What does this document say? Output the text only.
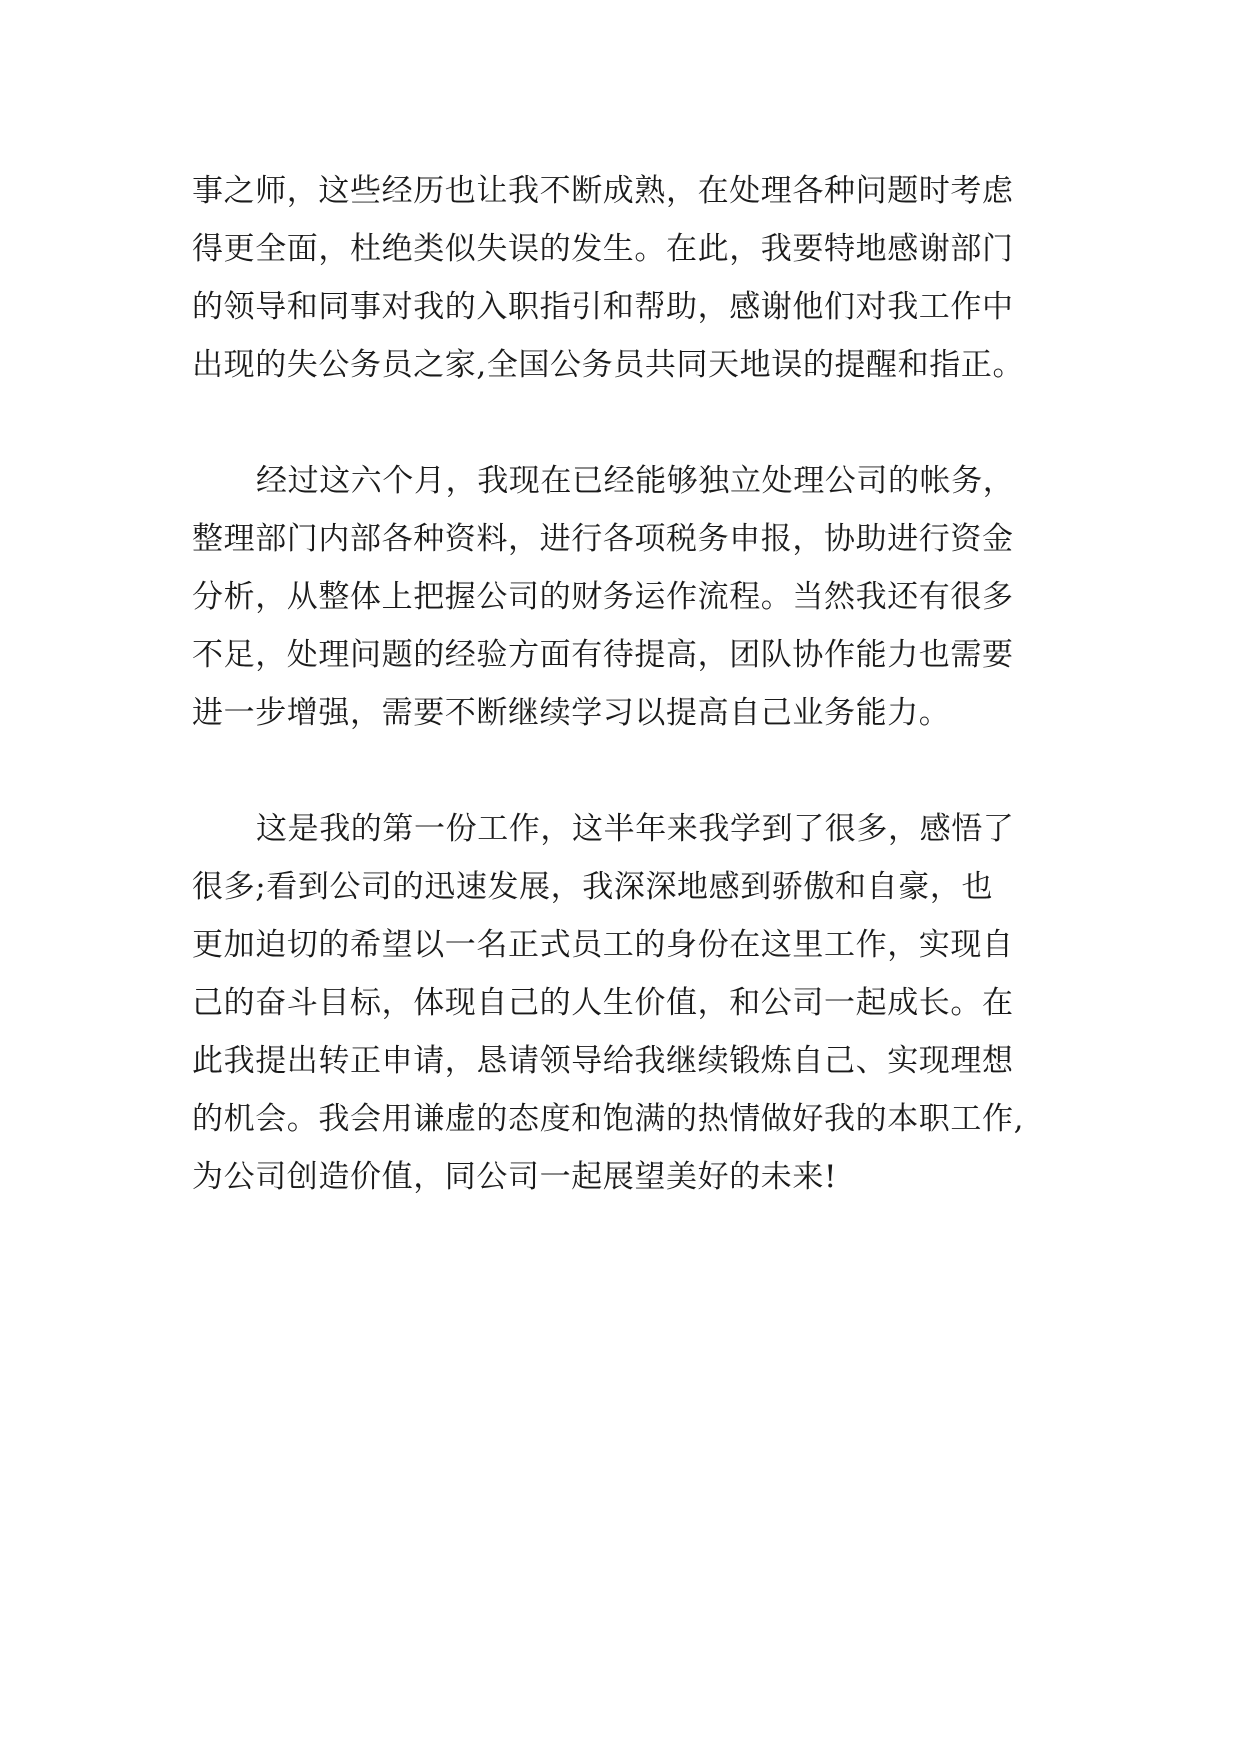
事之师，这些经历也让我不断成熟，在处理各种问题时考虑
得更全面，杜绝类似失误的发生。在此，我要特地感谢部门
的领导和同事对我的入职指引和帮助，感谢他们对我工作中
出现的失公务员之家,全国公务员共同天地误的提醒和指正。
经过这六个月，我现在已经能够独立处理公司的帐务，
整理部门内部各种资料，进行各项税务申报，协助进行资金
分析，从整体上把握公司的财务运作流程。当然我还有很多
不足，处理问题的经验方面有待提高，团队协作能力也需要
进一步增强，需要不断继续学习以提高自己业务能力。
这是我的第一份工作，这半年来我学到了很多，感悟了
很多;看到公司的迅速发展，我深深地感到骄傲和自豪，也
更加迫切的希望以一名正式员工的身份在这里工作，实现自
己的奋斗目标，体现自己的人生价值，和公司一起成长。在
此我提出转正申请，恳请领导给我继续锻炼自己、实现理想
的机会。我会用谦虚的态度和饱满的热情做好我的本职工作,
为公司创造价值，同公司一起展望美好的未来!
